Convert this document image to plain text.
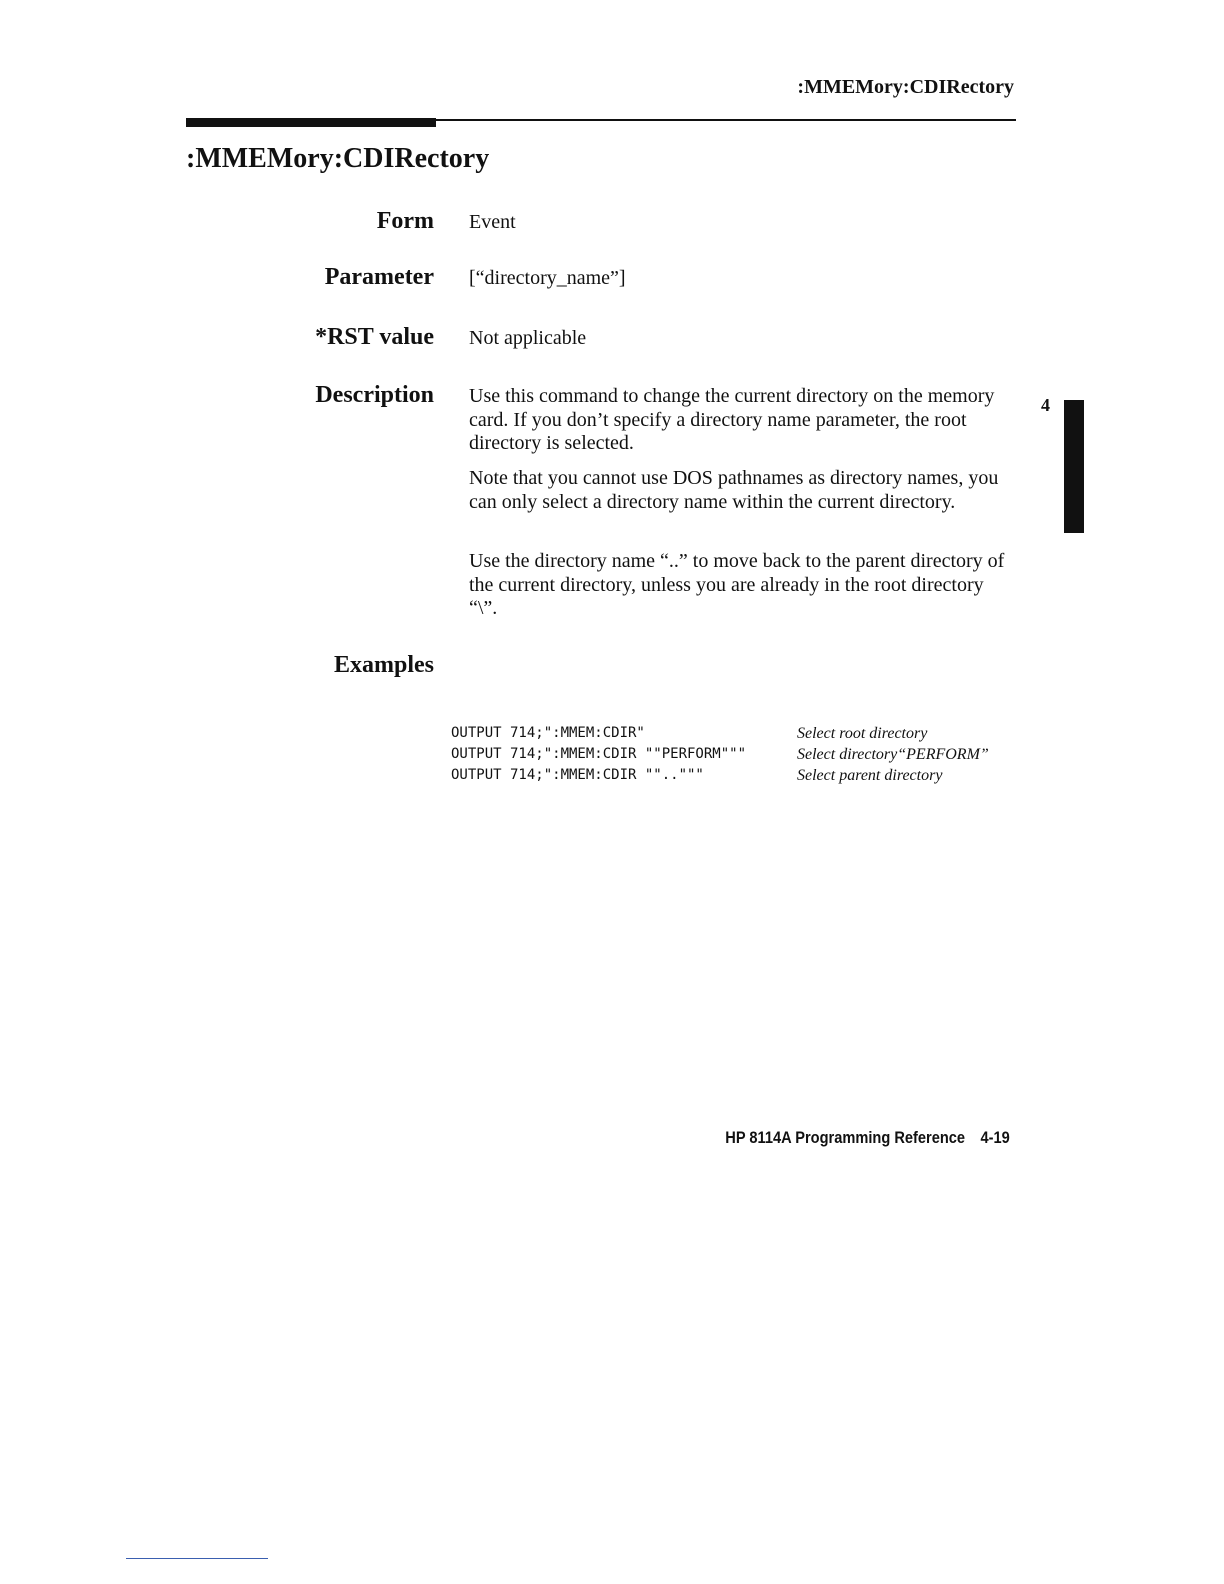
:MMEMory:CDIRectory
:MMEMory:CDIRectory
Form Event
Parameter [“directory_name”]
*RST value Not applicable
Description Use this command to change the current directory on the memory card. If you don’t specify a directory name parameter, the root directory is selected.

Note that you cannot use DOS pathnames as directory names, you can only select a directory name within the current directory.

Use the directory name “..” to move back to the parent directory of the current directory, unless you are already in the root directory “\”.

4
Examples
OUTPUT 714;":MMEM:CDIR"	Select root directory
OUTPUT 714;":MMEM:CDIR ""PERFORM"""	Select directory“PERFORM”
OUTPUT 714;":MMEM:CDIR "".."""	Select parent directory
HP 8114A Programming Reference 4-19
